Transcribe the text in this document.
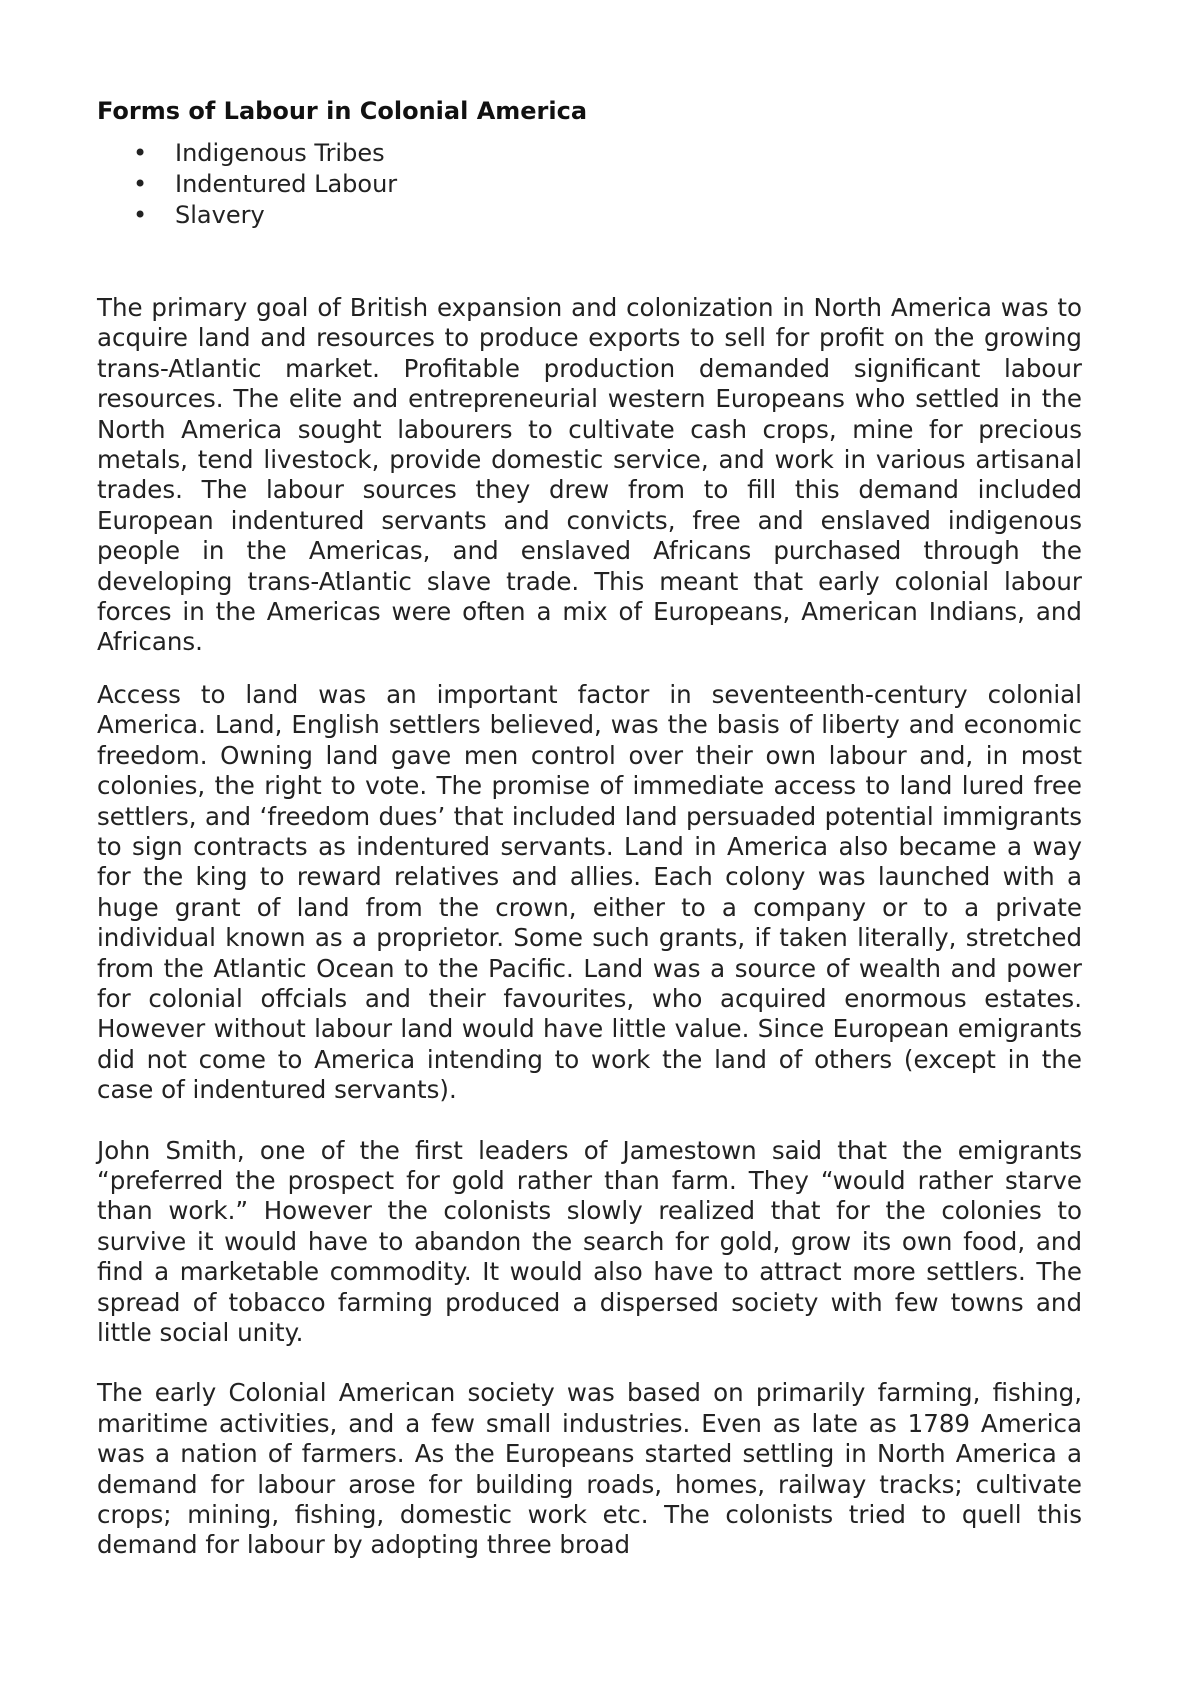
Forms of Labour in Colonial America
• Indigenous Tribes
• Indentured Labour
• Slavery

The primary goal of British expansion and colonization in North America was to acquire land and resources to produce exports to sell for profit on the growing trans-Atlantic market. Profitable production demanded significant labour resources. The elite and entrepreneurial western Europeans who settled in the North America sought labourers to cultivate cash crops, mine for precious metals, tend livestock, provide domestic service, and work in various artisanal trades. The labour sources they drew from to fill this demand included European indentured servants and convicts, free and enslaved indigenous people in the Americas, and enslaved Africans purchased through the developing trans-Atlantic slave trade. This meant that early colonial labour forces in the Americas were often a mix of Europeans, American Indians, and Africans.

Access to land was an important factor in seventeenth-century colonial America. Land, English settlers believed, was the basis of liberty and economic freedom. Owning land gave men control over their own labour and, in most colonies, the right to vote. The promise of immediate access to land lured free settlers, and ‘freedom dues’ that included land persuaded potential immigrants to sign contracts as indentured servants. Land in America also became a way for the king to reward relatives and allies. Each colony was launched with a huge grant of land from the crown, either to a company or to a private individual known as a proprietor. Some such grants, if taken literally, stretched from the Atlantic Ocean to the Pacific. Land was a source of wealth and power for colonial offcials and their favourites, who acquired enormous estates. However without labour land would have little value. Since European emigrants did not come to America intending to work the land of others (except in the case of indentured servants).

John Smith, one of the first leaders of Jamestown said that the emigrants “preferred the prospect for gold rather than farm. They “would rather starve than work.” However the colonists slowly realized that for the colonies to survive it would have to abandon the search for gold, grow its own food, and find a marketable commodity. It would also have to attract more settlers. The spread of tobacco farming produced a dispersed society with few towns and little social unity.

The early Colonial American society was based on primarily farming, fishing, maritime activities, and a few small industries. Even as late as 1789 America was a nation of farmers. As the Europeans started settling in North America a demand for labour arose for building roads, homes, railway tracks; cultivate crops; mining, fishing, domestic work etc. The colonists tried to quell this demand for labour by adopting three broad
